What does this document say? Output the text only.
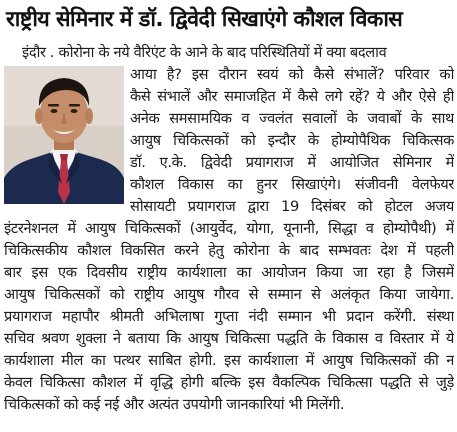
राष्ट्रीय सेमिनार में डॉ. द्विवेदी सिखाएंगे कौशल विकास
इंदौर . कोरोना के नये वैरिएंट के आने के बाद परिस्थितियों में क्या बदलाव
आया है? इस दौरान स्वयं को कैसे संभालें? परिवार को
कैसे संभालें और समाजहित में कैसे लगे रहें? ये और ऐसे ही
अनेक समसामयिक व ज्वलंत सवालों के जवाबों के साथ
आयुष चिकित्सकों को इन्दौर के होम्योपैथिक चिकित्सक
डॉ. ए.के. द्विवेदी प्रयागराज में आयोजित सेमिनार में
कौशल विकास का हुनर सिखाएंगे। संजीवनी वेलफेयर
सोसायटी प्रयागराज द्वारा 19 दिसंबर को होटल अजय
इंटरनेशनल में आयुष चिकित्सकों (आयुर्वेद, योगा, यूनानी, सिद्धा व होम्योपैथी) में
चिकित्सकीय कौशल विकसित करने हेतु कोरोना के बाद सम्भवतः देश में पहली
बार इस एक दिवसीय राष्ट्रीय कार्यशाला का आयोजन किया जा रहा है जिसमें
आयुष चिकित्सकों को राष्ट्रीय आयुष गौरव से सम्मान से अलंकृत किया जायेगा.
प्रयागराज महापौर श्रीमती अभिलाषा गुप्ता नंदी सम्मान भी प्रदान करेंगी. संस्था
सचिव श्रवण शुक्ला ने बताया कि आयुष चिकित्सा पद्धति के विकास व विस्तार में ये
कार्यशाला मील का पत्थर साबित होगी. इस कार्यशाला में आयुष चिकित्सकों की न
केवल चिकित्सा कौशल में वृद्धि होगी बल्कि इस वैकल्पिक चिकित्सा पद्धति से जुड़े
चिकित्सकों को कई नई और अत्यंत उपयोगी जानकारियां भी मिलेंगी.
